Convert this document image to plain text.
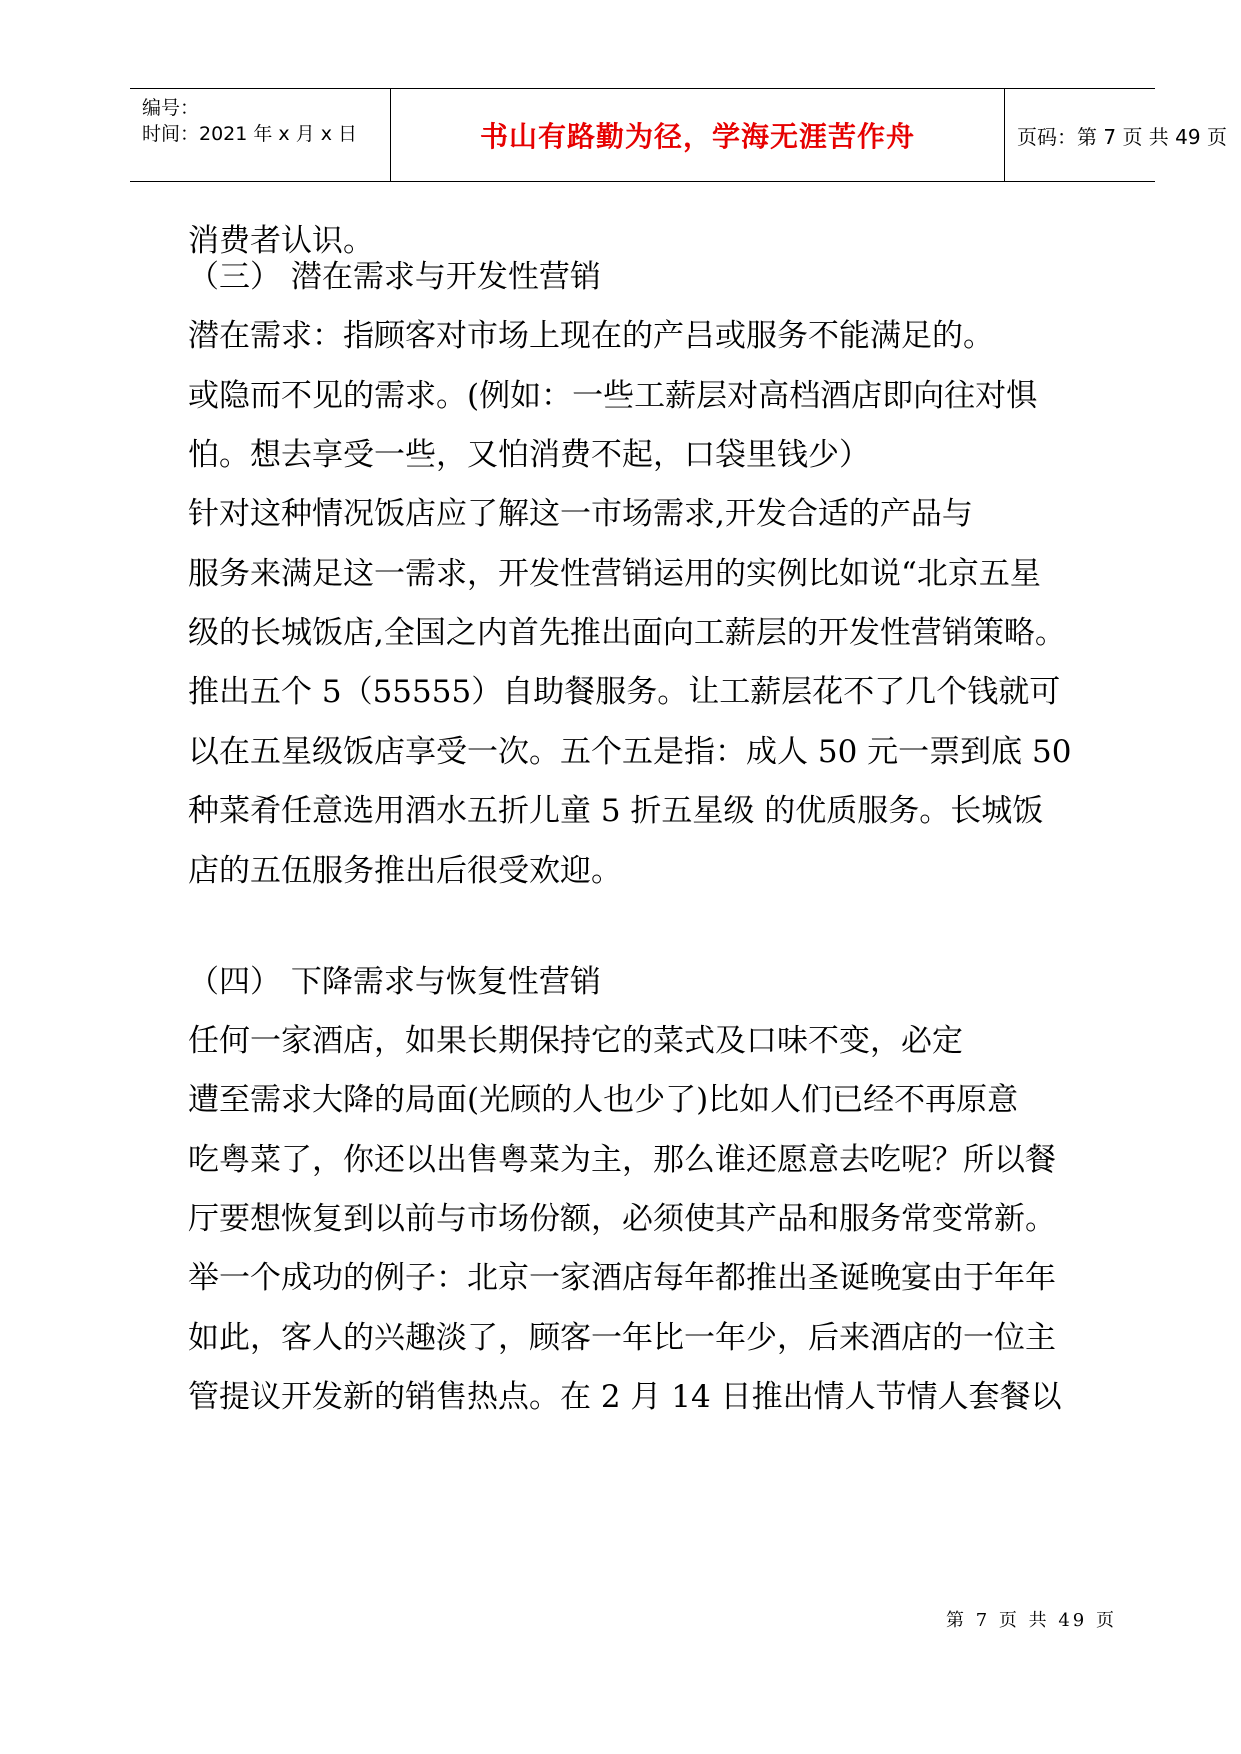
编号：
时间：2021 年 x 月 x 日	书山有路勤为径，学海无涯苦作舟	页码：第 7 页 共 49 页
消费者认识。
（三） 潜在需求与开发性营销
潜在需求：指顾客对市场上现在的产吕或服务不能满足的。
或隐而不见的需求。(例如：一些工薪层对高档酒店即向往对惧
怕。想去享受一些，又怕消费不起，口袋里钱少）
针对这种情况饭店应了解这一市场需求,开发合适的产品与
服务来满足这一需求，开发性营销运用的实例比如说“北京五星
级的长城饭店,全国之内首先推出面向工薪层的开发性营销策略。
推出五个 5（55555）自助餐服务。让工薪层花不了几个钱就可
以在五星级饭店享受一次。五个五是指：成人 50 元一票到底 50
种菜肴任意选用酒水五折儿童 5 折五星级 的优质服务。长城饭
店的五伍服务推出后很受欢迎。
（四） 下降需求与恢复性营销
任何一家酒店，如果长期保持它的菜式及口味不变，必定
遭至需求大降的局面(光顾的人也少了)比如人们已经不再原意
吃粤菜了，你还以出售粤菜为主，那么谁还愿意去吃呢？所以餐
厅要想恢复到以前与市场份额，必须使其产品和服务常变常新。
举一个成功的例子：北京一家酒店每年都推出圣诞晚宴由于年年
如此，客人的兴趣淡了，顾客一年比一年少，后来酒店的一位主
管提议开发新的销售热点。在 2 月 14 日推出情人节情人套餐以
第 7 页 共 49 页
